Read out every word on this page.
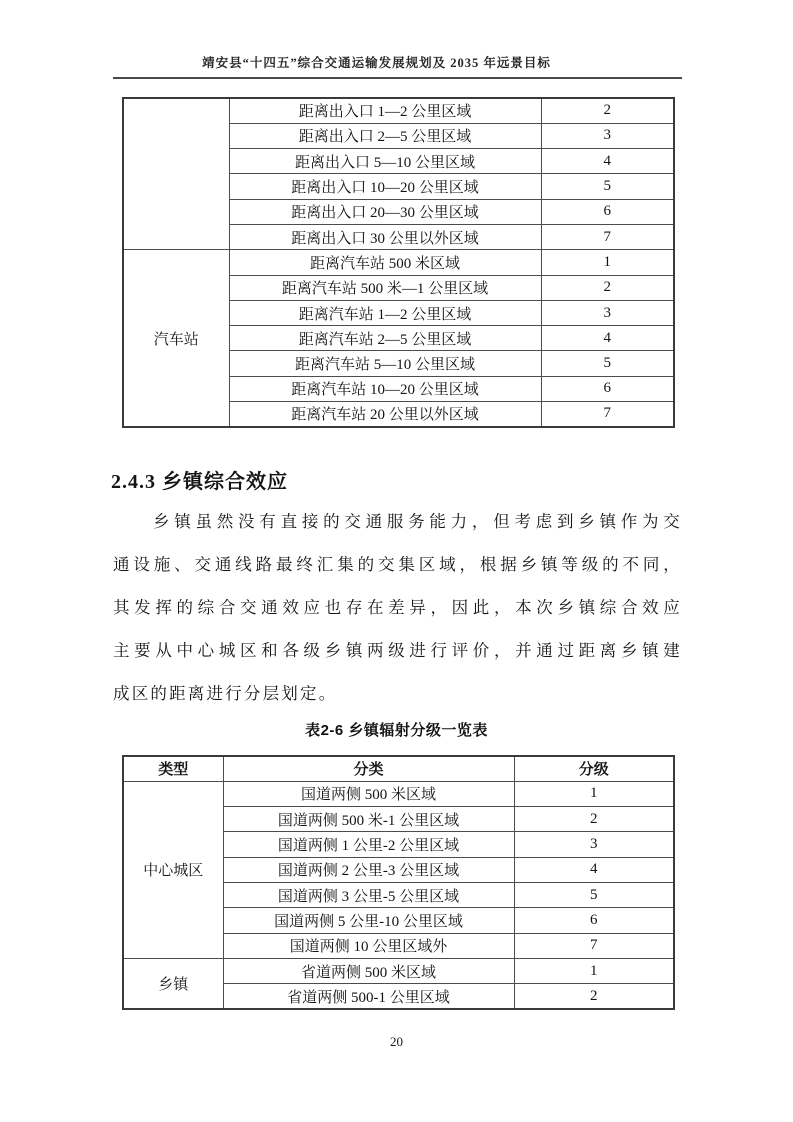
靖安县“十四五”综合交通运输发展规划及 2035 年远景目标
	距离出入口 1—2 公里区域	2
	距离出入口 2—5 公里区域	3
	距离出入口 5—10 公里区域	4
	距离出入口 10—20 公里区域	5
	距离出入口 20—30 公里区域	6
	距离出入口 30 公里以外区域	7
汽车站	距离汽车站 500 米区域	1
	距离汽车站 500 米—1 公里区域	2
	距离汽车站 1—2 公里区域	3
	距离汽车站 2—5 公里区域	4
	距离汽车站 5—10 公里区域	5
	距离汽车站 10—20 公里区域	6
	距离汽车站 20 公里以外区域	7
2.4.3 乡镇综合效应
乡镇虽然没有直接的交通服务能力，但考虑到乡镇作为交
通设施、交通线路最终汇集的交集区域，根据乡镇等级的不同，
其发挥的综合交通效应也存在差异，因此，本次乡镇综合效应
主要从中心城区和各级乡镇两级进行评价，并通过距离乡镇建
成区的距离进行分层划定。
表2-6 乡镇辐射分级一览表
类型	分类	分级
中心城区	国道两侧 500 米区域	1
	国道两侧 500 米-1 公里区域	2
	国道两侧 1 公里-2 公里区域	3
	国道两侧 2 公里-3 公里区域	4
	国道两侧 3 公里-5 公里区域	5
	国道两侧 5 公里-10 公里区域	6
	国道两侧 10 公里区域外	7
乡镇	省道两侧 500 米区域	1
	省道两侧 500-1 公里区域	2
20
